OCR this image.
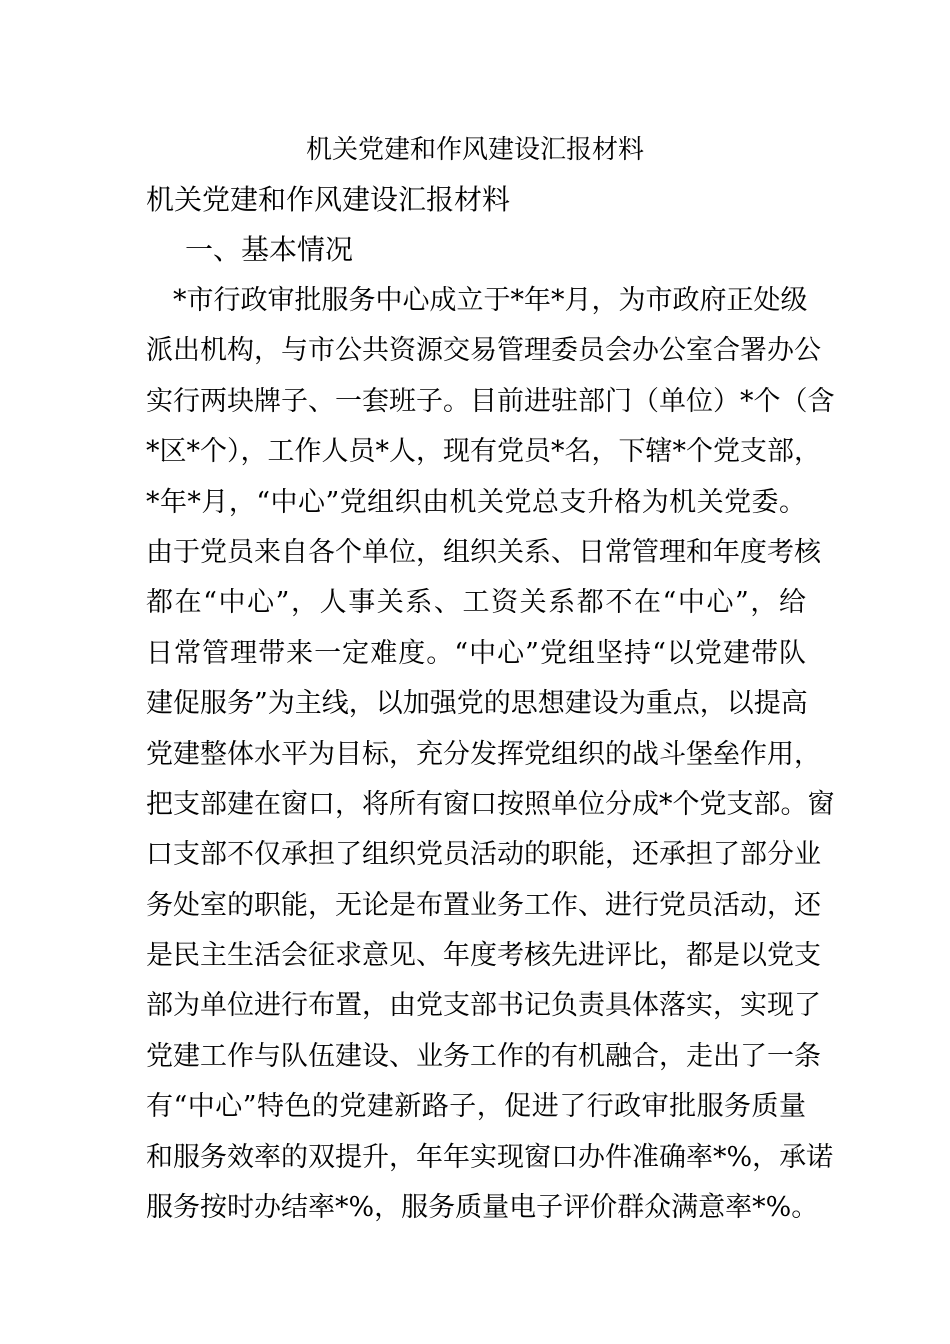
机关党建和作风建设汇报材料
机关党建和作风建设汇报材料
一、基本情况
　*市行政审批服务中心成立于*年*月，为市政府正处级
派出机构，与市公共资源交易管理委员会办公室合署办公
实行两块牌子、一套班子。目前进驻部门（单位）*个（含
*区*个），工作人员*人，现有党员*名，下辖*个党支部，
*年*月，“中心”党组织由机关党总支升格为机关党委。
由于党员来自各个单位，组织关系、日常管理和年度考核
都在“中心”，人事关系、工资关系都不在“中心”，给
日常管理带来一定难度。“中心”党组坚持“以党建带队
建促服务”为主线，以加强党的思想建设为重点，以提高
党建整体水平为目标，充分发挥党组织的战斗堡垒作用，
把支部建在窗口，将所有窗口按照单位分成*个党支部。窗
口支部不仅承担了组织党员活动的职能，还承担了部分业
务处室的职能，无论是布置业务工作、进行党员活动，还
是民主生活会征求意见、年度考核先进评比，都是以党支
部为单位进行布置，由党支部书记负责具体落实，实现了
党建工作与队伍建设、业务工作的有机融合，走出了一条
有“中心”特色的党建新路子，促进了行政审批服务质量
和服务效率的双提升，年年实现窗口办件准确率*%，承诺
服务按时办结率*%，服务质量电子评价群众满意率*%。
